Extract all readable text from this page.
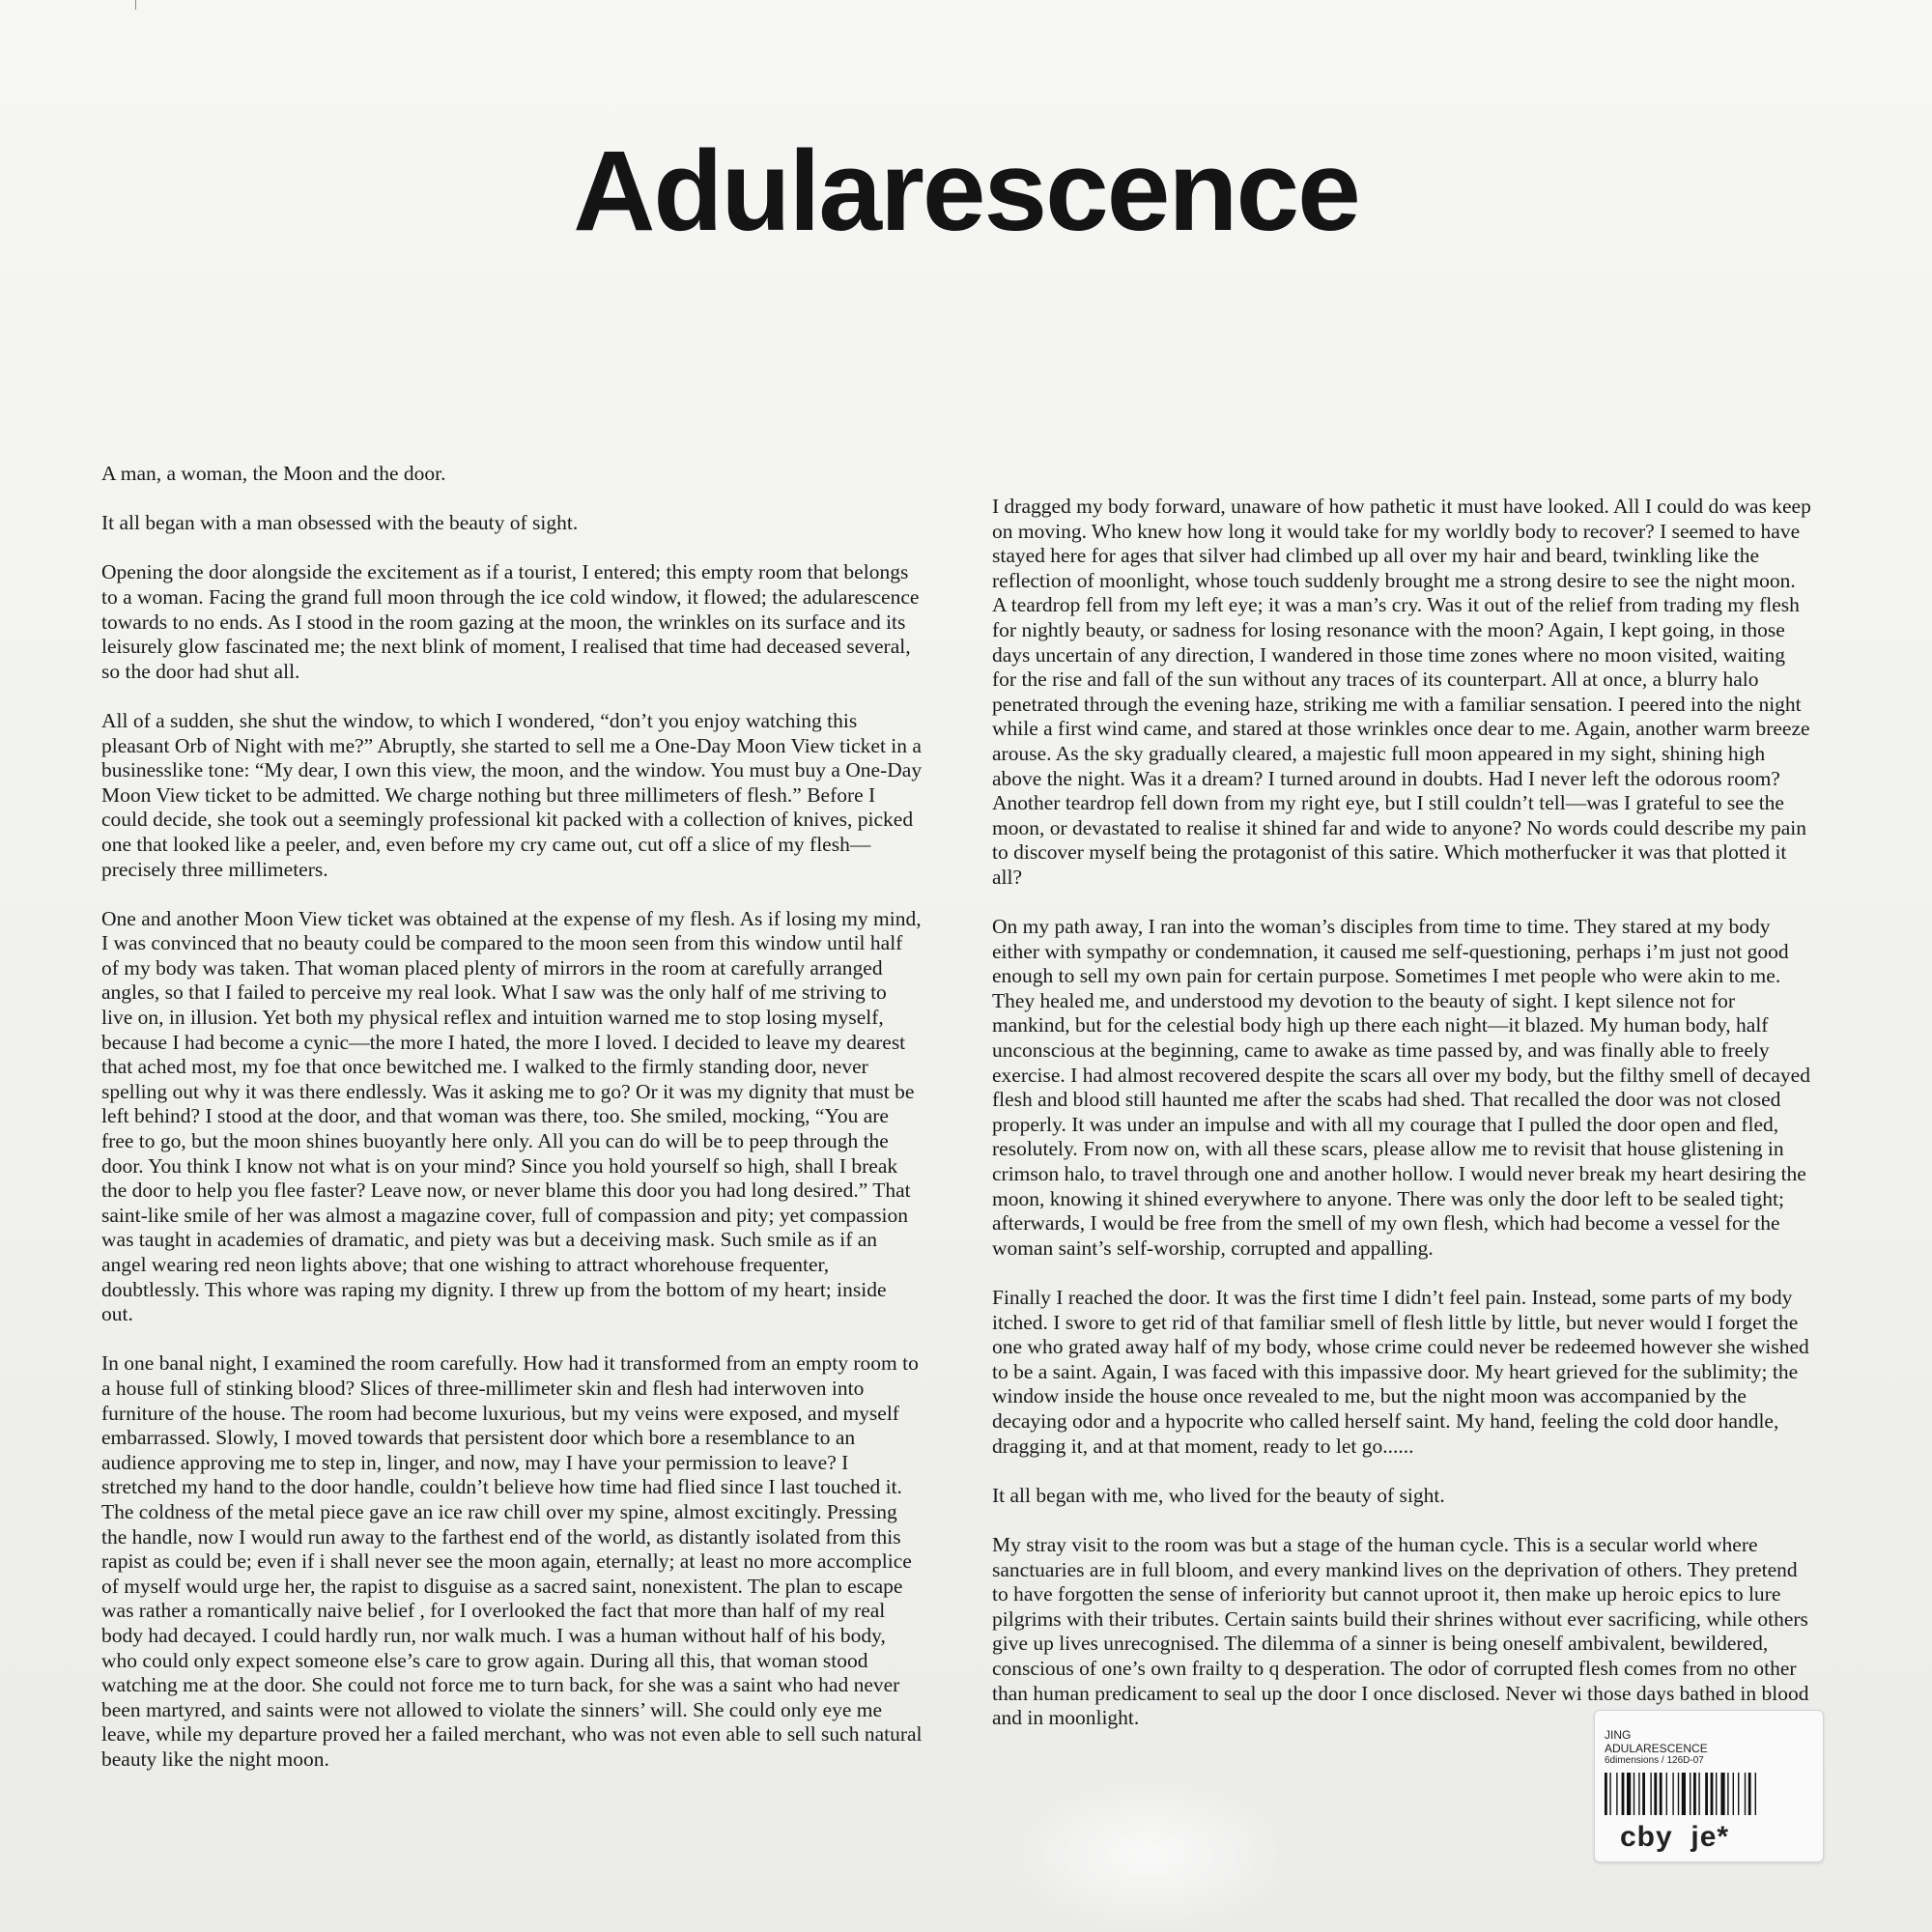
Adularescence

A man, a woman, the Moon and the door.

It all began with a man obsessed with the beauty of sight.

Opening the door alongside the excitement as if a tourist, I entered; this empty room that belongs to a woman. Facing the grand full moon through the ice cold window, it flowed; the adularescence towards to no ends. As I stood in the room gazing at the moon, the wrinkles on its surface and its leisurely glow fascinated me; the next blink of moment, I realised that time had deceased several, so the door had shut all.

All of a sudden, she shut the window, to which I wondered, “don’t you enjoy watching this pleasant Orb of Night with me?” Abruptly, she started to sell me a One-Day Moon View ticket in a businesslike tone: “My dear, I own this view, the moon, and the window. You must buy a One-Day Moon View ticket to be admitted. We charge nothing but three millimeters of flesh.” Before I could decide, she took out a seemingly professional kit packed with a collection of knives, picked one that looked like a peeler, and, even before my cry came out, cut off a slice of my flesh—precisely three millimeters.

One and another Moon View ticket was obtained at the expense of my flesh. As if losing my mind, I was convinced that no beauty could be compared to the moon seen from this window until half of my body was taken. That woman placed plenty of mirrors in the room at carefully arranged angles, so that I failed to perceive my real look. What I saw was the only half of me striving to live on, in illusion. Yet both my physical reflex and intuition warned me to stop losing myself, because I had become a cynic—the more I hated, the more I loved. I decided to leave my dearest that ached most, my foe that once bewitched me. I walked to the firmly standing door, never spelling out why it was there endlessly. Was it asking me to go? Or it was my dignity that must be left behind? I stood at the door, and that woman was there, too. She smiled, mocking, “You are free to go, but the moon shines buoyantly here only. All you can do will be to peep through the door. You think I know not what is on your mind? Since you hold yourself so high, shall I break the door to help you flee faster? Leave now, or never blame this door you had long desired.” That saint-like smile of her was almost a magazine cover, full of compassion and pity; yet compassion was taught in academies of dramatic, and piety was but a deceiving mask. Such smile as if an angel wearing red neon lights above; that one wishing to attract whorehouse frequenter, doubtlessly. This whore was raping my dignity. I threw up from the bottom of my heart; inside out.

In one banal night, I examined the room carefully. How had it transformed from an empty room to a house full of stinking blood? Slices of three-millimeter skin and flesh had interwoven into furniture of the house. The room had become luxurious, but my veins were exposed, and myself embarrassed. Slowly, I moved towards that persistent door which bore a resemblance to an audience approving me to step in, linger, and now, may I have your permission to leave? I stretched my hand to the door handle, couldn’t believe how time had flied since I last touched it. The coldness of the metal piece gave an ice raw chill over my spine, almost excitingly. Pressing the handle, now I would run away to the farthest end of the world, as distantly isolated from this rapist as could be; even if i shall never see the moon again, eternally; at least no more accomplice of myself would urge her, the rapist to disguise as a sacred saint, nonexistent. The plan to escape was rather a romantically naive belief , for I overlooked the fact that more than half of my real body had decayed. I could hardly run, nor walk much. I was a human without half of his body, who could only expect someone else’s care to grow again. During all this, that woman stood watching me at the door. She could not force me to turn back, for she was a saint who had never been martyred, and saints were not allowed to violate the sinners’ will. She could only eye me leave, while my departure proved her a failed merchant, who was not even able to sell such natural beauty like the night moon.

I dragged my body forward, unaware of how pathetic it must have looked. All I could do was keep on moving. Who knew how long it would take for my worldly body to recover? I seemed to have stayed here for ages that silver had climbed up all over my hair and beard, twinkling like the reflection of moonlight, whose touch suddenly brought me a strong desire to see the night moon. A teardrop fell from my left eye; it was a man’s cry. Was it out of the relief from trading my flesh for nightly beauty, or sadness for losing resonance with the moon? Again, I kept going, in those days uncertain of any direction, I wandered in those time zones where no moon visited, waiting for the rise and fall of the sun without any traces of its counterpart. All at once, a blurry halo penetrated through the evening haze, striking me with a familiar sensation. I peered into the night while a first wind came, and stared at those wrinkles once dear to me. Again, another warm breeze arouse. As the sky gradually cleared, a majestic full moon appeared in my sight, shining high above the night. Was it a dream? I turned around in doubts. Had I never left the odorous room? Another teardrop fell down from my right eye, but I still couldn’t tell—was I grateful to see the moon, or devastated to realise it shined far and wide to anyone? No words could describe my pain to discover myself being the protagonist of this satire. Which motherfucker it was that plotted it all?

On my path away, I ran into the woman’s disciples from time to time. They stared at my body either with sympathy or condemnation, it caused me self-questioning, perhaps i’m just not good enough to sell my own pain for certain purpose. Sometimes I met people who were akin to me. They healed me, and understood my devotion to the beauty of sight. I kept silence not for mankind, but for the celestial body high up there each night—it blazed. My human body, half unconscious at the beginning, came to awake as time passed by, and was finally able to freely exercise. I had almost recovered despite the scars all over my body, but the filthy smell of decayed flesh and blood still haunted me after the scabs had shed. That recalled the door was not closed properly. It was under an impulse and with all my courage that I pulled the door open and fled, resolutely. From now on, with all these scars, please allow me to revisit that house glistening in crimson halo, to travel through one and another hollow. I would never break my heart desiring the moon, knowing it shined everywhere to anyone. There was only the door left to be sealed tight; afterwards, I would be free from the smell of my own flesh, which had become a vessel for the woman saint’s self-worship, corrupted and appalling.

Finally I reached the door. It was the first time I didn’t feel pain. Instead, some parts of my body itched. I swore to get rid of that familiar smell of flesh little by little, but never would I forget the one who grated away half of my body, whose crime could never be redeemed however she wished to be a saint. Again, I was faced with this impassive door. My heart grieved for the sublimity; the window inside the house once revealed to me, but the night moon was accompanied by the decaying odor and a hypocrite who called herself saint. My hand, feeling the cold door handle, dragging it, and at that moment, ready to let go......

It all began with me, who lived for the beauty of sight.

My stray visit to the room was but a stage of the human cycle. This is a secular world where sanctuaries are in full bloom, and every mankind lives on the deprivation of others. They pretend to have forgotten the sense of inferiority but cannot uproot it, then make up heroic epics to lure pilgrims with their tributes. Certain saints build their shrines without ever sacrificing, while others give up lives unrecognised. The dilemma of a sinner is being oneself ambivalent, bewildered, conscious of one’s own frailty to q desperation. The odor of corrupted flesh comes from no other than human predicament to seal up the door I once disclosed. Never wi those days bathed in blood and in moonlight.

JING
ADULARESCENCE
6dimensions / 126D-07
cby  je*
